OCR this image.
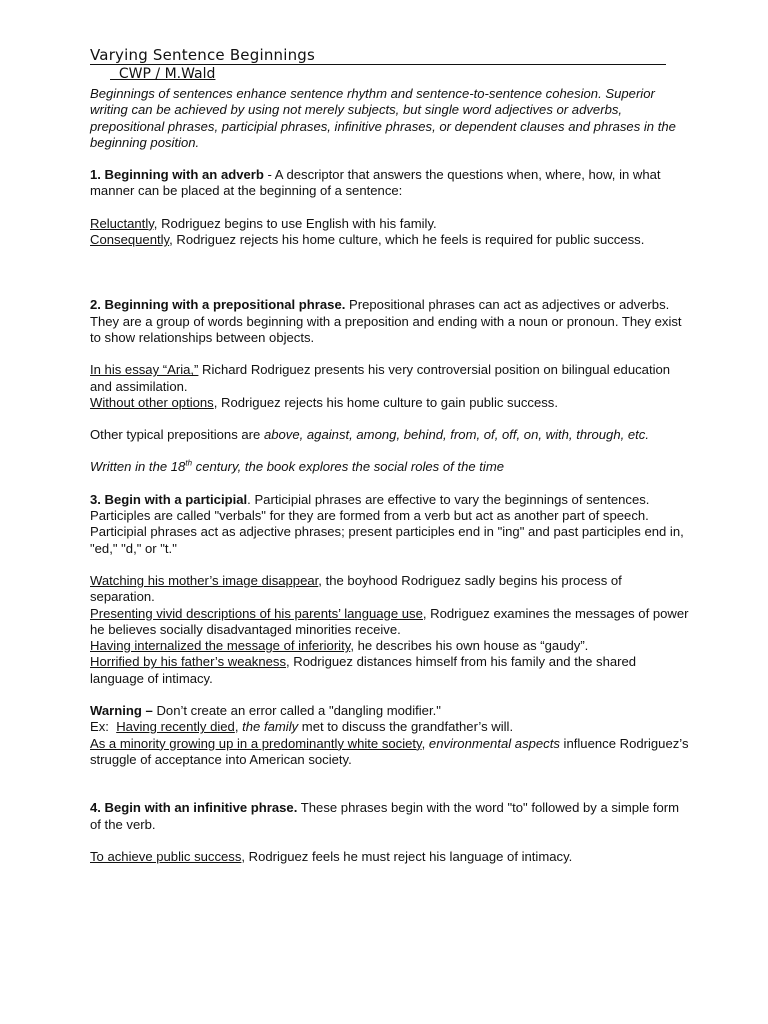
Varying Sentence Beginnings
CWP / M.Wald

Beginnings of sentences enhance sentence rhythm and sentence-to-sentence cohesion. Superior writing can be achieved by using not merely subjects, but single word adjectives or adverbs, prepositional phrases, participial phrases, infinitive phrases, or dependent clauses and phrases in the beginning position.

1. Beginning with an adverb - A descriptor that answers the questions when, where, how, in what manner can be placed at the beginning of a sentence:

Reluctantly, Rodriguez begins to use English with his family.

Consequently, Rodriguez rejects his home culture, which he feels is required for public success.

2. Beginning with a prepositional phrase. Prepositional phrases can act as adjectives or adverbs. They are a group of words beginning with a preposition and ending with a noun or pronoun. They exist to show relationships between objects.

In his essay “Aria,” Richard Rodriguez presents his very controversial position on bilingual education and assimilation.

Without other options, Rodriguez rejects his home culture to gain public success.

Other typical prepositions are above, against, among, behind, from, of, off, on, with, through, etc.

Written in the 18th century, the book explores the social roles of the time

3. Begin with a participial. Participial phrases are effective to vary the beginnings of sentences. Participles are called "verbals" for they are formed from a verb but act as another part of speech. Participial phrases act as adjective phrases; present participles end in "ing" and past participles end in, "ed," "d," or "t."

Watching his mother’s image disappear, the boyhood Rodriguez sadly begins his process of separation.

Presenting vivid descriptions of his parents’ language use, Rodriguez examines the messages of power he believes socially disadvantaged minorities receive.

Having internalized the message of inferiority, he describes his own house as “gaudy”.

Horrified by his father’s weakness, Rodriguez distances himself from his family and the shared language of intimacy.

Warning – Don’t create an error called a "dangling modifier."

Ex:  Having recently died, the family met to discuss the grandfather’s will.

As a minority growing up in a predominantly white society, environmental aspects influence Rodriguez’s struggle of acceptance into American society.

4. Begin with an infinitive phrase. These phrases begin with the word "to" followed by a simple form of the verb.

To achieve public success, Rodriguez feels he must reject his language of intimacy.
